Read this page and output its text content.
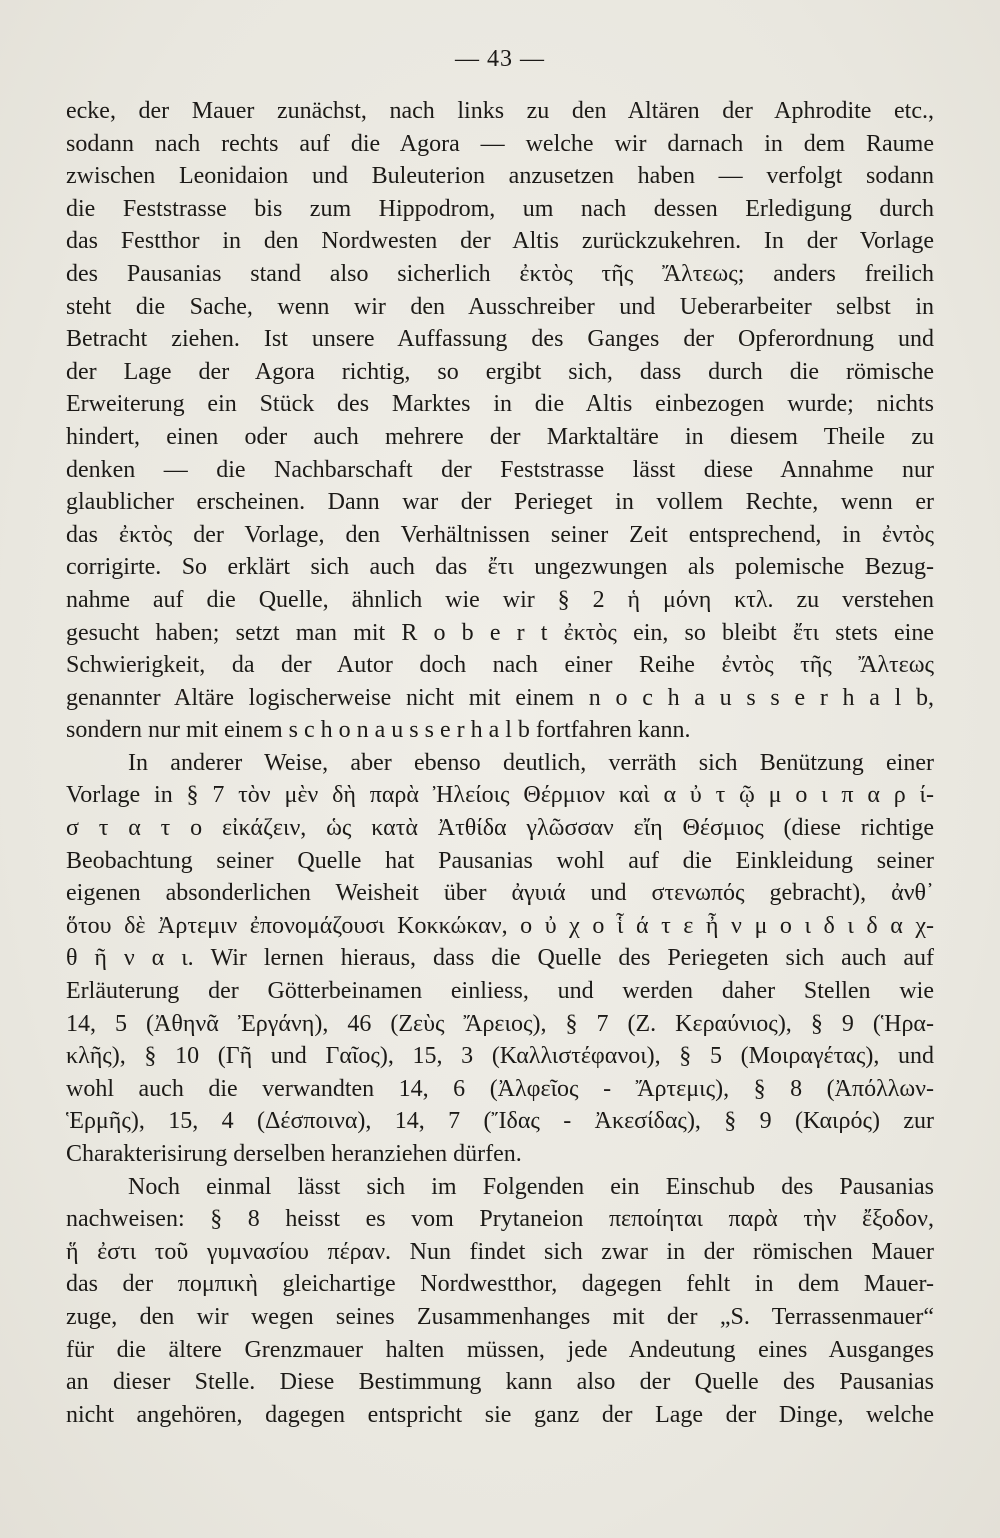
— 43 —
ecke, der Mauer zunächst, nach links zu den Altären der Aphrodite etc.,
sodann nach rechts auf die Agora — welche wir darnach in dem Raume
zwischen Leonidaion und Buleuterion anzusetzen haben — verfolgt sodann
die Feststrasse bis zum Hippodrom, um nach dessen Erledigung durch
das Festthor in den Nordwesten der Altis zurückzukehren. In der Vorlage
des Pausanias stand also sicherlich ἐκτὸς τῆς Ἄλτεως; anders freilich
steht die Sache, wenn wir den Ausschreiber und Ueberarbeiter selbst in
Betracht ziehen. Ist unsere Auffassung des Ganges der Opferordnung und
der Lage der Agora richtig, so ergibt sich, dass durch die römische
Erweiterung ein Stück des Marktes in die Altis einbezogen wurde; nichts
hindert, einen oder auch mehrere der Marktaltäre in diesem Theile zu
denken — die Nachbarschaft der Feststrasse lässt diese Annahme nur
glaublicher erscheinen. Dann war der Perieget in vollem Rechte, wenn er
das ἐκτὸς der Vorlage, den Verhältnissen seiner Zeit entsprechend, in ἐντὸς
corrigirte. So erklärt sich auch das ἔτι ungezwungen als polemische Bezug-
nahme auf die Quelle, ähnlich wie wir § 2 ἡ μόνη κτλ. zu verstehen
gesucht haben; setzt man mit R o b e r t ἐκτὸς ein, so bleibt ἔτι stets eine
Schwierigkeit, da der Autor doch nach einer Reihe ἐντὸς τῆς Ἄλτεως
genannter Altäre logischerweise nicht mit einem n o c h a u s s e r h a l b,
sondern nur mit einem s c h o n a u s s e r h a l b fortfahren kann.
In anderer Weise, aber ebenso deutlich, verräth sich Benützung einer
Vorlage in § 7 τὸν μὲν δὴ παρὰ Ἠλείοις Θέρμιον καὶ α ὐ τ ῷ μ ο ι π α ρ ί-
σ τ α τ ο εἰκάζειν, ὡς κατὰ Ἀτθίδα γλῶσσαν εἴη Θέσμιος (diese richtige
Beobachtung seiner Quelle hat Pausanias wohl auf die Einkleidung seiner
eigenen absonderlichen Weisheit über ἀγυιά und στενωπός gebracht), ἀνθ᾽
ὅτου δὲ Ἀρτεμιν ἐπονομάζουσι Κοκκώκαν, ο ὐ χ ο ἷ ά τ ε ἦ ν μ ο ι δ ι δ α χ-
θ ῆ ν α ι. Wir lernen hieraus, dass die Quelle des Periegeten sich auch auf
Erläuterung der Götterbeinamen einliess, und werden daher Stellen wie
14, 5 (Ἀθηνᾶ Ἐργάνη), 46 (Ζεὺς Ἄρειος), § 7 (Ζ. Κεραύνιος), § 9 (Ἡρα-
κλῆς), § 10 (Γῆ und Γαῖος), 15, 3 (Καλλιστέφανοι), § 5 (Μοιραγέτας), und
wohl auch die verwandten 14, 6 (Ἀλφεῖος - Ἄρτεμις), § 8 (Ἀπόλλων-
Ἑρμῆς), 15, 4 (Δέσποινα), 14, 7 (Ἴδας - Ἀκεσίδας), § 9 (Καιρός) zur
Charakterisirung derselben heranziehen dürfen.
Noch einmal lässt sich im Folgenden ein Einschub des Pausanias
nachweisen: § 8 heisst es vom Prytaneion πεποίηται παρὰ τὴν ἔξοδον,
ἥ ἐστι τοῦ γυμνασίου πέραν. Nun findet sich zwar in der römischen Mauer
das der πομπικὴ gleichartige Nordwestthor, dagegen fehlt in dem Mauer-
zuge, den wir wegen seines Zusammenhanges mit der „S. Terrassenmauer“
für die ältere Grenzmauer halten müssen, jede Andeutung eines Ausganges
an dieser Stelle. Diese Bestimmung kann also der Quelle des Pausanias
nicht angehören, dagegen entspricht sie ganz der Lage der Dinge, welche
